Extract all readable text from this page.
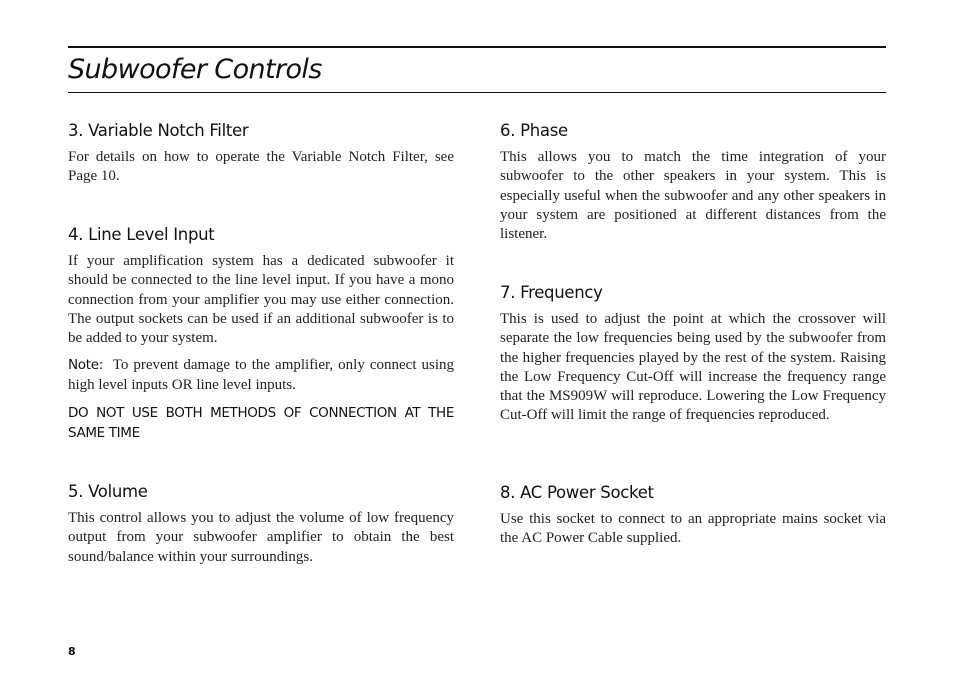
Subwoofer Controls
3. Variable Notch Filter

For details on how to operate the Variable Notch Filter, see Page 10.

4. Line Level Input

If your amplification system has a dedicated subwoofer it should be connected to the line level input. If you have a mono connection from your amplifier you may use either connection. The output sockets can be used if an additional subwoofer is to be added to your system.

Note: To prevent damage to the amplifier, only connect using high level inputs OR line level inputs.

DO NOT USE BOTH METHODS OF CONNECTION AT THE SAME TIME

5. Volume

This control allows you to adjust the volume of low frequency output from your subwoofer amplifier to obtain the best sound/balance within your surroundings.

6. Phase

This allows you to match the time integration of your subwoofer to the other speakers in your system. This is especially useful when the subwoofer and any other speakers in your system are positioned at different distances from the listener.

7. Frequency

This is used to adjust the point at which the crossover will separate the low frequencies being used by the subwoofer from the higher frequencies played by the rest of the system. Raising the Low Frequency Cut-Off will increase the frequency range that the MS909W will reproduce. Lowering the Low Frequency Cut-Off will limit the range of frequencies reproduced.

8. AC Power Socket

Use this socket to connect to an appropriate mains socket via the AC Power Cable supplied.

8
